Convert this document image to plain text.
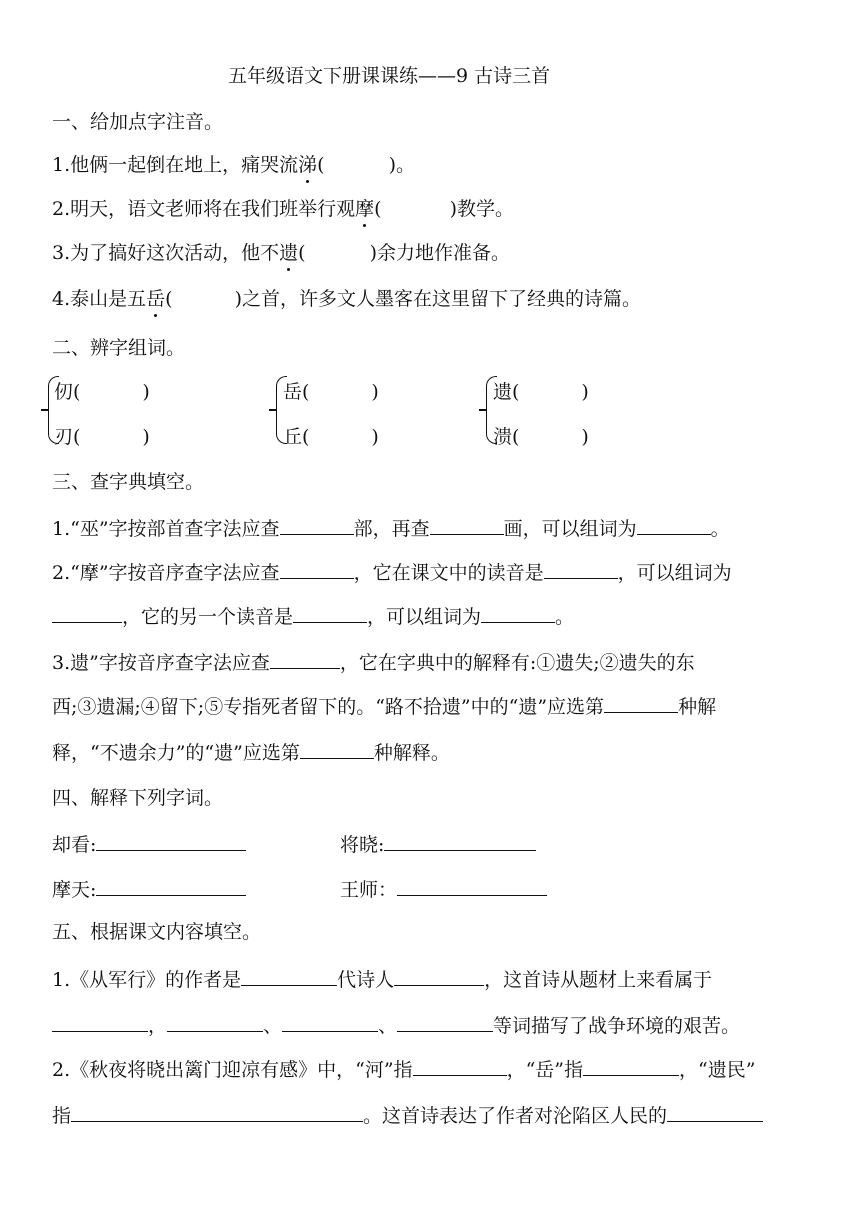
五年级语文下册课课练——9 古诗三首
一、给加点字注音。
1.他俩一起倒在地上，痛哭流涕(	)。
2.明天，语文老师将在我们班举行观摩(	)教学。
3.为了搞好这次活动，他不遗(	)余力地作准备。
4.泰山是五岳(	)之首，许多文人墨客在这里留下了经典的诗篇。
二、辨字组词。
仞(	)
刃(	)
岳(	)
丘(	)
遗(	)
溃(	)
三、查字典填空。
1.“巫”字按部首查字法应查	部，再查	画，可以组词为	。
2.“摩”字按音序查字法应查	，它在课文中的读音是	，可以组词为
，它的另一个读音是	，可以组词为	。
3.遗”字按音序查字法应查	，它在字典中的解释有:①遗失;②遗失的东
西;③遗漏;④留下;⑤专指死者留下的。“路不拾遗”中的“遗”应选第	种解
释，“不遗余力”的“遗”应选第	种解释。
四、解释下列字词。
却看:	将晓:
摩天:	王师：
五、根据课文内容填空。
1.《从军行》的作者是	代诗人	，这首诗从题材上来看属于
，	、	、	等词描写了战争环境的艰苦。
2.《秋夜将晓出篱门迎凉有感》中，“河”指	，“岳”指	，“遗民”
指	。这首诗表达了作者对沦陷区人民的
